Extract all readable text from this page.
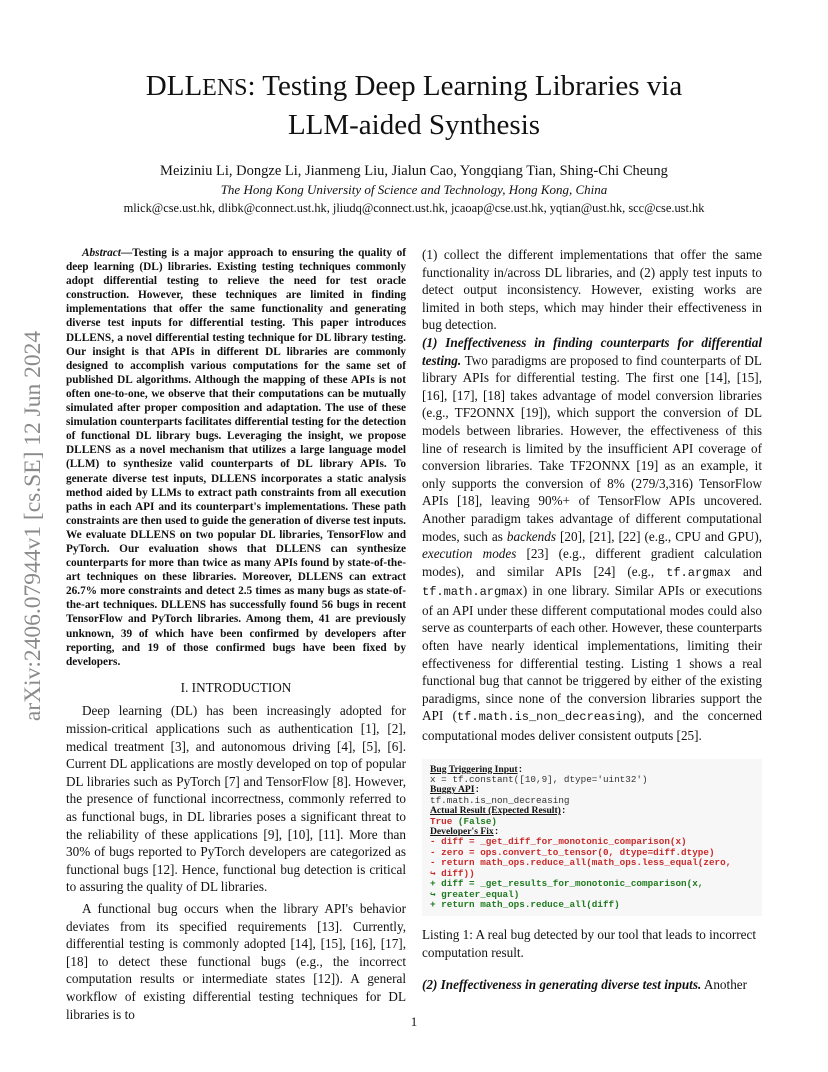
arXiv:2406.07944v1 [cs.SE] 12 Jun 2024
DLLENS: Testing Deep Learning Libraries via
LLM-aided Synthesis
Meiziniu Li, Dongze Li, Jianmeng Liu, Jialun Cao, Yongqiang Tian, Shing-Chi Cheung
The Hong Kong University of Science and Technology, Hong Kong, China
mlick@cse.ust.hk, dlibk@connect.ust.hk, jliudq@connect.ust.hk, jcaoap@cse.ust.hk, yqtian@ust.hk, scc@cse.ust.hk

Abstract—Testing is a major approach to ensuring the quality of deep learning (DL) libraries. Existing testing techniques commonly adopt differential testing to relieve the need for test oracle construction. However, these techniques are limited in finding implementations that offer the same functionality and generating diverse test inputs for differential testing. This paper introduces DLLENS, a novel differential testing technique for DL library testing. Our insight is that APIs in different DL libraries are commonly designed to accomplish various computations for the same set of published DL algorithms. Although the mapping of these APIs is not often one-to-one, we observe that their computations can be mutually simulated after proper composition and adaptation. The use of these simulation counterparts facilitates differential testing for the detection of functional DL library bugs. Leveraging the insight, we propose DLLENS as a novel mechanism that utilizes a large language model (LLM) to synthesize valid counterparts of DL library APIs. To generate diverse test inputs, DLLENS incorporates a static analysis method aided by LLMs to extract path constraints from all execution paths in each API and its counterpart's implementations. These path constraints are then used to guide the generation of diverse test inputs. We evaluate DLLENS on two popular DL libraries, TensorFlow and PyTorch. Our evaluation shows that DLLENS can synthesize counterparts for more than twice as many APIs found by state-of-the-art techniques on these libraries. Moreover, DLLENS can extract 26.7% more constraints and detect 2.5 times as many bugs as state-of-the-art techniques. DLLENS has successfully found 56 bugs in recent TensorFlow and PyTorch libraries. Among them, 41 are previously unknown, 39 of which have been confirmed by developers after reporting, and 19 of those confirmed bugs have been fixed by developers.

I. INTRODUCTION

Deep learning (DL) has been increasingly adopted for mission-critical applications such as authentication [1], [2], medical treatment [3], and autonomous driving [4], [5], [6]. Current DL applications are mostly developed on top of popular DL libraries such as PyTorch [7] and TensorFlow [8]. However, the presence of functional incorrectness, commonly referred to as functional bugs, in DL libraries poses a significant threat to the reliability of these applications [9], [10], [11]. More than 30% of bugs reported to PyTorch developers are categorized as functional bugs [12]. Hence, functional bug detection is critical to assuring the quality of DL libraries.

A functional bug occurs when the library API's behavior deviates from its specified requirements [13]. Currently, differential testing is commonly adopted [14], [15], [16], [17], [18] to detect these functional bugs (e.g., the incorrect computation results or intermediate states [12]). A general workflow of existing differential testing techniques for DL libraries is to

(1) collect the different implementations that offer the same functionality in/across DL libraries, and (2) apply test inputs to detect output inconsistency. However, existing works are limited in both steps, which may hinder their effectiveness in bug detection.

(1) Ineffectiveness in finding counterparts for differential testing. Two paradigms are proposed to find counterparts of DL library APIs for differential testing. The first one [14], [15], [16], [17], [18] takes advantage of model conversion libraries (e.g., TF2ONNX [19]), which support the conversion of DL models between libraries. However, the effectiveness of this line of research is limited by the insufficient API coverage of conversion libraries. Take TF2ONNX [19] as an example, it only supports the conversion of 8% (279/3,316) TensorFlow APIs [18], leaving 90%+ of TensorFlow APIs uncovered. Another paradigm takes advantage of different computational modes, such as backends [20], [21], [22] (e.g., CPU and GPU), execution modes [23] (e.g., different gradient calculation modes), and similar APIs [24] (e.g., tf.argmax and tf.math.argmax) in one library. Similar APIs or executions of an API under these different computational modes could also serve as counterparts of each other. However, these counterparts often have nearly identical implementations, limiting their effectiveness for differential testing. Listing 1 shows a real functional bug that cannot be triggered by either of the existing paradigms, since none of the conversion libraries support the API (tf.math.is_non_decreasing), and the concerned computational modes deliver consistent outputs [25].

Bug Triggering Input:
x = tf.constant([10,9], dtype='uint32')
Buggy API:
tf.math.is_non_decreasing
Actual Result (Expected Result):
True (False)
Developer's Fix:
- diff = _get_diff_for_monotonic_comparison(x)
- zero = ops.convert_to_tensor(0, dtype=diff.dtype)
- return math_ops.reduce_all(math_ops.less_equal(zero,
↪ diff))
+ diff = _get_results_for_monotonic_comparison(x,
↪ greater_equal)
+ return math_ops.reduce_all(diff)

Listing 1: A real bug detected by our tool that leads to incorrect computation result.

(2) Ineffectiveness in generating diverse test inputs. Another

1
